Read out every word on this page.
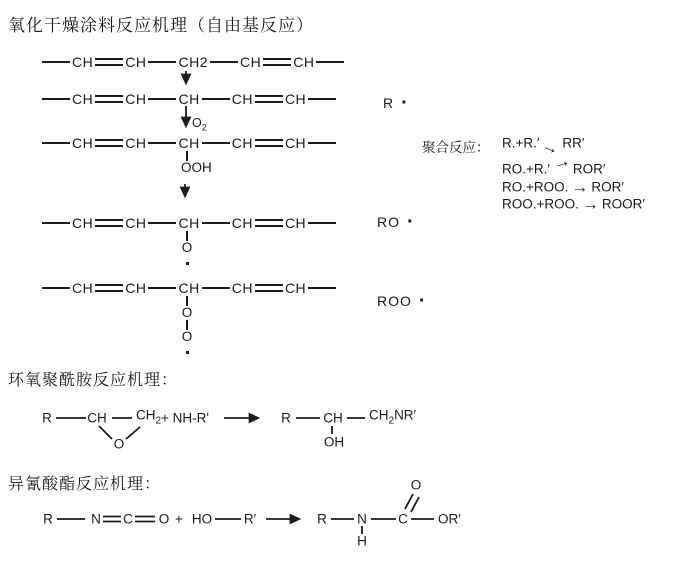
氧化干燥涂料反应机理（自由基反应）
环氧聚酰胺反应机理：
异氰酸酯反应机理：
CH CH CH2 CH CH
CH CH CH CH CH
CH CH CH CH CH
OOH
CH CH CH CH CH
O
CH CH CH CH CH
O
O
$O_2$
R ·
RO ·
ROO ·
聚合反应： R.+R.′ → RR′
RO.+R.′ → ROR′
RO.+ROO. → ROR′
ROO.+ROO. → ROOR′
R	CH $CH_2$
O
+ NH-R'	R CH $CH_2NR'$
OH
R	N C O + HO R′	R N C OR′
H
O
